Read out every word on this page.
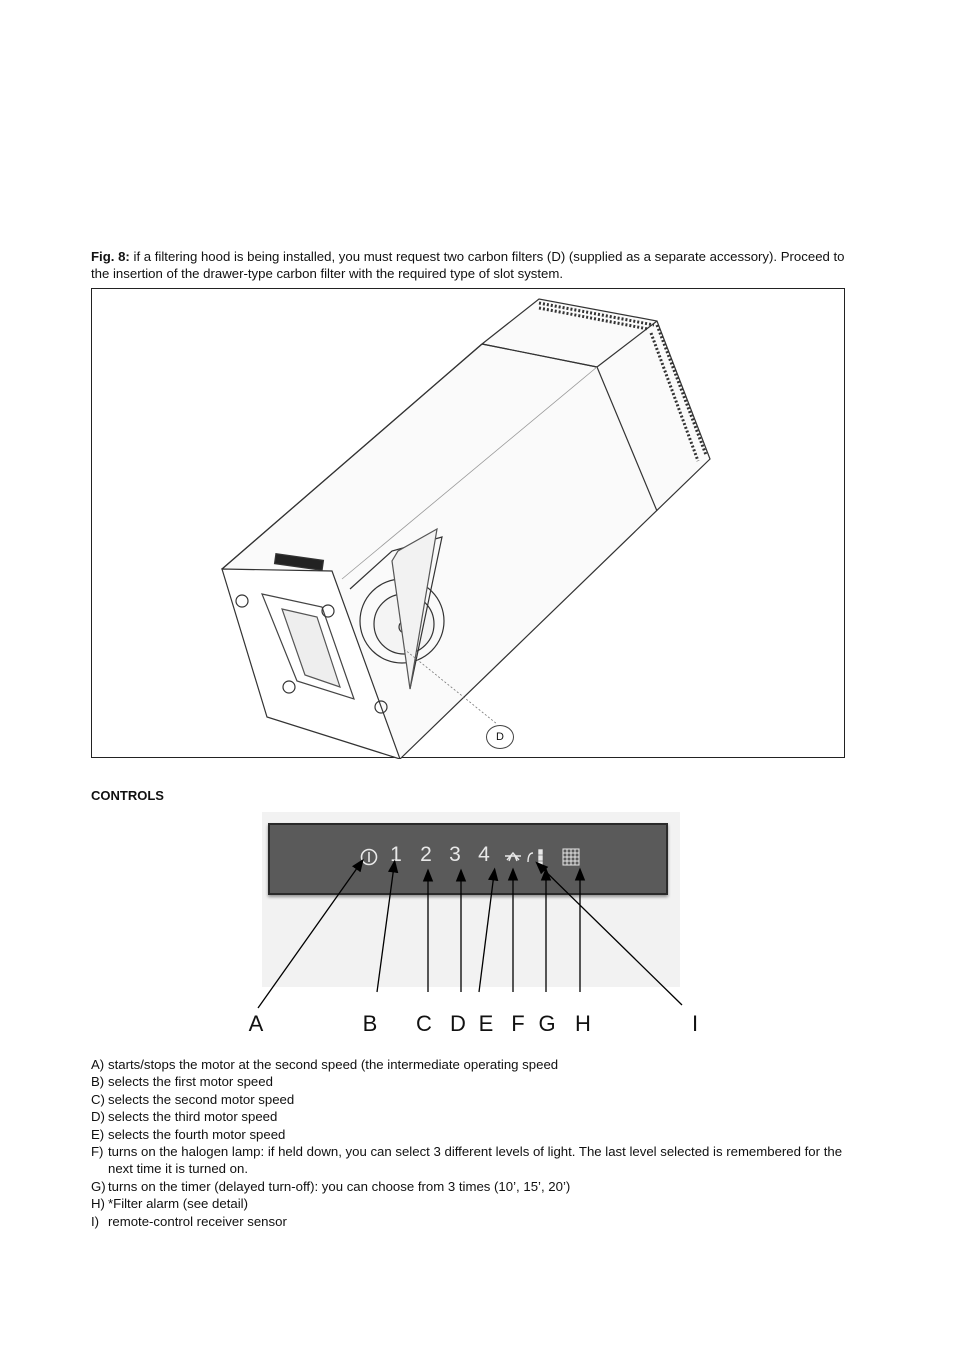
Fig. 8: if a filtering hood is being installed, you must request two carbon filters (D) (supplied as a separate accessory). Proceed to the insertion of the drawer-type carbon filter with the required type of slot system.
D
CONTROLS
1 2 3 4
A	B C D E F G H	I
A) starts/stops the motor at the second speed (the intermediate operating speed
B) selects the first motor speed
C) selects the second motor speed
D) selects the third motor speed
E) selects the fourth motor speed
F) turns on the halogen lamp: if held down, you can select 3 different levels of light. The last level selected is remembered for the next time it is turned on.
G) turns on the timer (delayed turn-off): you can choose from 3 times (10’, 15’, 20’)
H) *Filter alarm (see detail)
I) remote-control receiver sensor
